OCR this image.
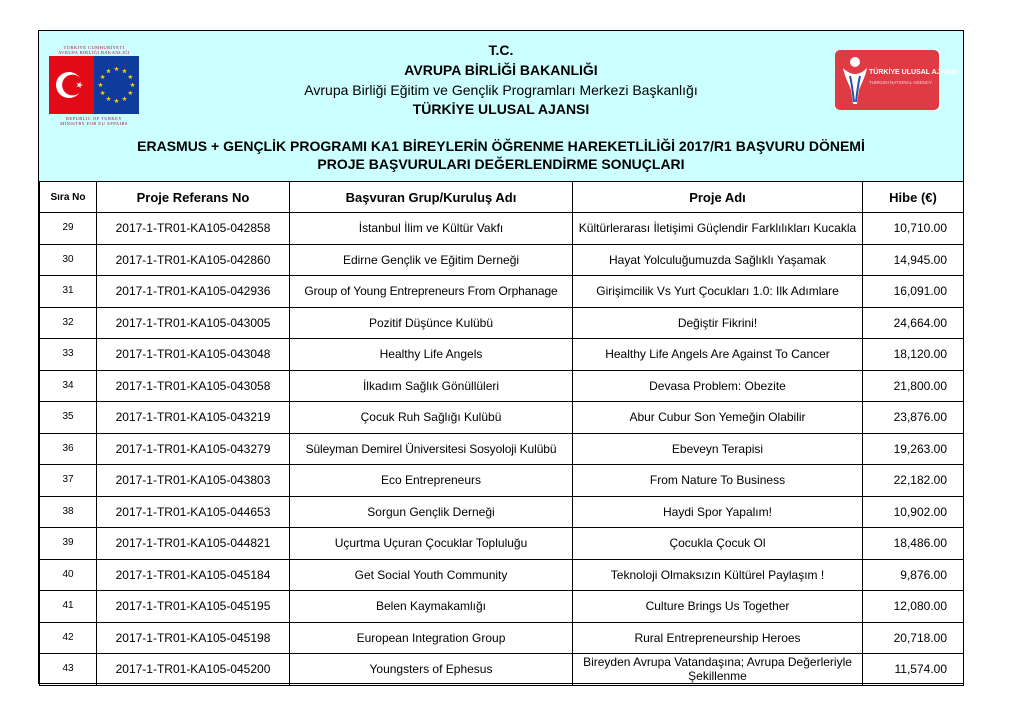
TÜRKİYE CUMHURİYETİ
AVRUPA BİRLİĞİ BAKANLIĞI
REPUBLIC OF TURKEY
MINISTRY FOR EU AFFAIRS
T.C.
AVRUPA BİRLİĞİ BAKANLIĞI
Avrupa Birliği Eğitim ve Gençlik Programları Merkezi Başkanlığı
TÜRKİYE ULUSAL AJANSI
TÜRKİYE ULUSAL AJANSI
TURKISH NATIONAL AGENCY
ERASMUS + GENÇLİK PROGRAMI KA1 BİREYLERİN ÖĞRENME HAREKETLİLİĞİ 2017/R1 BAŞVURU DÖNEMİ
PROJE BAŞVURULARI DEĞERLENDİRME SONUÇLARI
Sıra No	Proje Referans No	Başvuran Grup/Kuruluş Adı	Proje Adı	Hibe (€)
29	2017-1-TR01-KA105-042858	İstanbul İlim ve Kültür Vakfı	Kültürlerarası İletişimi Güçlendir Farklılıkları Kucakla	10,710.00
30	2017-1-TR01-KA105-042860	Edirne Gençlik ve Eğitim Derneği	Hayat Yolculuğumuzda Sağlıklı Yaşamak	14,945.00
31	2017-1-TR01-KA105-042936	Group of Young Entrepreneurs From Orphanage	Girişimcilik Vs Yurt Çocukları 1.0: Ilk Adımlare	16,091.00
32	2017-1-TR01-KA105-043005	Pozitif Düşünce Kulübü	Değiştir Fikrini!	24,664.00
33	2017-1-TR01-KA105-043048	Healthy Life Angels	Healthy Life Angels Are Against To Cancer	18,120.00
34	2017-1-TR01-KA105-043058	İlkadım Sağlık Gönüllüleri	Devasa Problem: Obezite	21,800.00
35	2017-1-TR01-KA105-043219	Çocuk Ruh Sağlığı Kulübü	Abur Cubur Son Yemeğin Olabilir	23,876.00
36	2017-1-TR01-KA105-043279	Süleyman Demirel Üniversitesi Sosyoloji Kulübü	Ebeveyn Terapisi	19,263.00
37	2017-1-TR01-KA105-043803	Eco Entrepreneurs	From Nature To Business	22,182.00
38	2017-1-TR01-KA105-044653	Sorgun Gençlik Derneği	Haydi Spor Yapalım!	10,902.00
39	2017-1-TR01-KA105-044821	Uçurtma Uçuran Çocuklar Topluluğu	Çocukla Çocuk Ol	18,486.00
40	2017-1-TR01-KA105-045184	Get Social Youth Community	Teknoloji Olmaksızın Kültürel Paylaşım !	9,876.00
41	2017-1-TR01-KA105-045195	Belen Kaymakamlığı	Culture Brings Us Together	12,080.00
42	2017-1-TR01-KA105-045198	European Integration Group	Rural Entrepreneurship Heroes	20,718.00
43	2017-1-TR01-KA105-045200	Youngsters of Ephesus	Bireyden Avrupa Vatandaşına; Avrupa Değerleriyle Şekillenme	11,574.00
